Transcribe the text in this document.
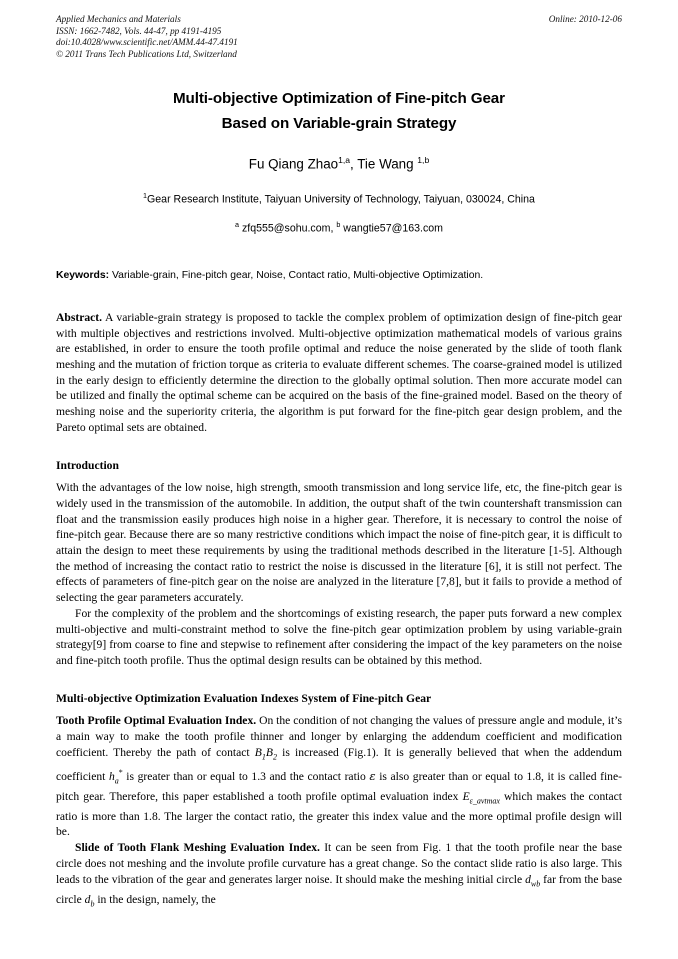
Applied Mechanics and Materials
ISSN: 1662-7482, Vols. 44-47, pp 4191-4195
doi:10.4028/www.scientific.net/AMM.44-47.4191
© 2011 Trans Tech Publications Ltd, Switzerland
Online: 2010-12-06
Multi-objective Optimization of Fine-pitch Gear
Based on Variable-grain Strategy
Fu Qiang Zhao$^{1,a}$, Tie Wang $^{1,b}$
$^1$Gear Research Institute, Taiyuan University of Technology, Taiyuan, 030024, China
$^a$ zfq555@sohu.com, $^b$ wangtie57@163.com
Keywords: Variable-grain, Fine-pitch gear, Noise, Contact ratio, Multi-objective Optimization.
Abstract. A variable-grain strategy is proposed to tackle the complex problem of optimization design of fine-pitch gear with multiple objectives and restrictions involved. Multi-objective optimization mathematical models of various grains are established, in order to ensure the tooth profile optimal and reduce the noise generated by the slide of tooth flank meshing and the mutation of friction torque as criteria to evaluate different schemes. The coarse-grained model is utilized in the early design to efficiently determine the direction to the globally optimal solution. Then more accurate model can be utilized and finally the optimal scheme can be acquired on the basis of the fine-grained model. Based on the theory of meshing noise and the superiority criteria, the algorithm is put forward for the fine-pitch gear design problem, and the Pareto optimal sets are obtained.
Introduction

With the advantages of the low noise, high strength, smooth transmission and long service life, etc, the fine-pitch gear is widely used in the transmission of the automobile. In addition, the output shaft of the twin countershaft transmission can float and the transmission easily produces high noise in a higher gear. Therefore, it is necessary to control the noise of fine-pitch gear. Because there are so many restrictive conditions which impact the noise of fine-pitch gear, it is difficult to attain the design to meet these requirements by using the traditional methods described in the literature [1-5]. Although the method of increasing the contact ratio to restrict the noise is discussed in the literature [6], it is still not perfect. The effects of parameters of fine-pitch gear on the noise are analyzed in the literature [7,8], but it fails to provide a method of selecting the gear parameters accurately.

For the complexity of the problem and the shortcomings of existing research, the paper puts forward a new complex multi-objective and multi-constraint method to solve the fine-pitch gear optimization problem by using variable-grain strategy[9] from coarse to fine and stepwise to refinement after considering the impact of the key parameters on the noise and fine-pitch tooth profile. Thus the optimal design results can be obtained by this method.

Multi-objective Optimization Evaluation Indexes System of Fine-pitch Gear

Tooth Profile Optimal Evaluation Index. On the condition of not changing the values of pressure angle and module, it’s a main way to make the tooth profile thinner and longer by enlarging the addendum coefficient and modification coefficient. Thereby the path of contact $B_1B_2$ is increased (Fig.1). It is generally believed that when the addendum coefficient $h_a^*$ is greater than or equal to 1.3 and the contact ratio ε is also greater than or equal to 1.8, it is called fine-pitch gear. Therefore, this paper established a tooth profile optimal evaluation index $E_{\varepsilon\_avtmax}$ which makes the contact ratio is more than 1.8. The larger the contact ratio, the greater this index value and the more optimal profile design will be.

Slide of Tooth Flank Meshing Evaluation Index. It can be seen from Fig. 1 that the tooth profile near the base circle does not meshing and the involute profile curvature has a great change. So the contact slide ratio is also large. This leads to the vibration of the gear and generates larger noise. It should make the meshing initial circle $d_{wb}$ far from the base circle $d_b$ in the design, namely, the
